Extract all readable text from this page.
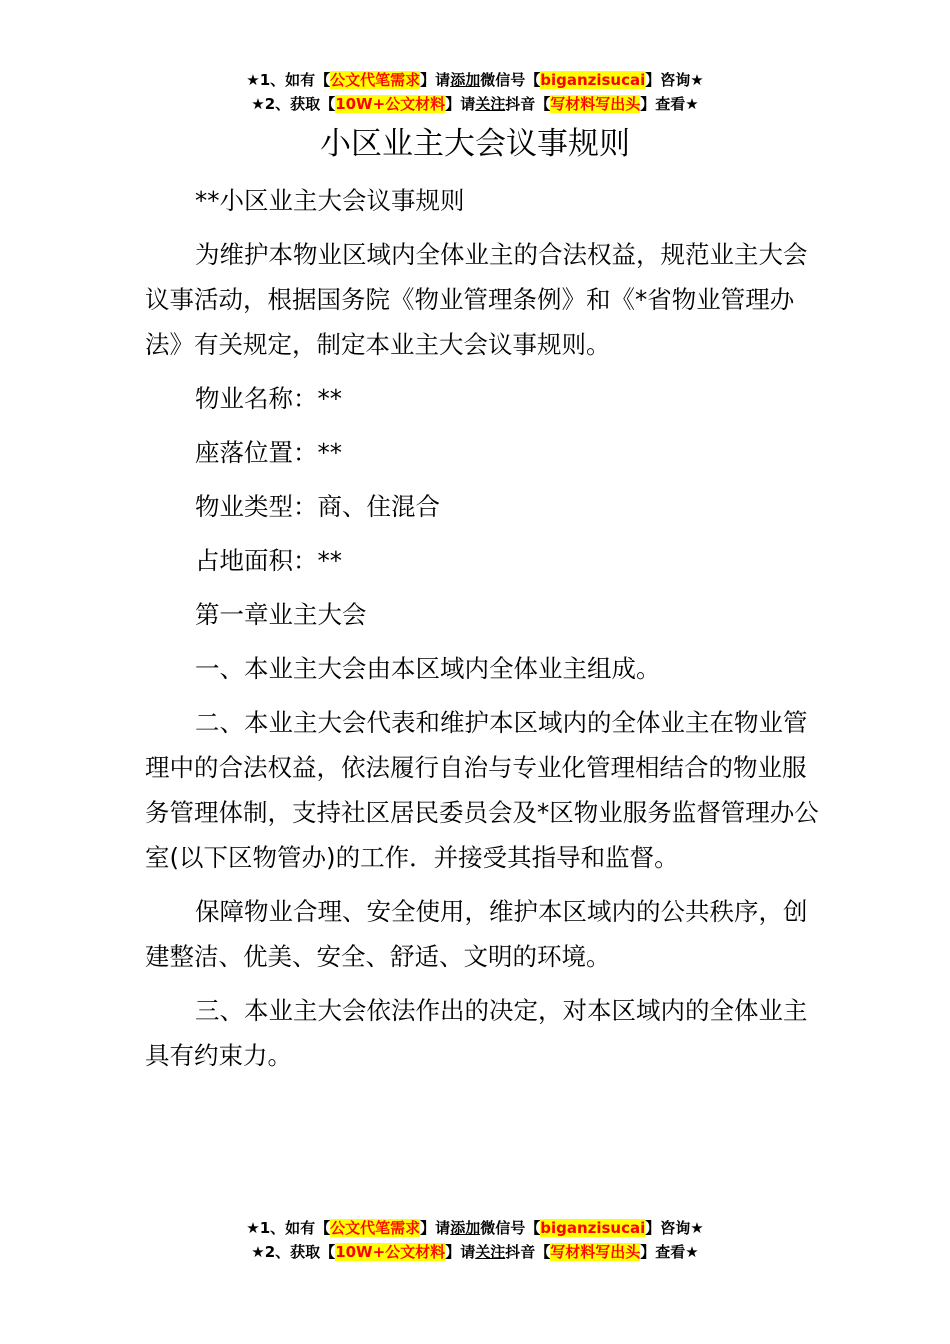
★1、如有【公文代笔需求】请添加微信号【biganzisucai】咨询★
★2、获取【10W+公文材料】请关注抖音【写材料写出头】查看★
小区业主大会议事规则

**小区业主大会议事规则

为维护本物业区域内全体业主的合法权益，规范业主大会议事活动，根据国务院《物业管理条例》和《*省物业管理办法》有关规定，制定本业主大会议事规则。

物业名称：**

座落位置：**

物业类型：商、住混合

占地面积：**

第一章业主大会

一、本业主大会由本区域内全体业主组成。

二、本业主大会代表和维护本区域内的全体业主在物业管理中的合法权益，依法履行自治与专业化管理相结合的物业服务管理体制，支持社区居民委员会及*区物业服务监督管理办公室(以下区物管办)的工作．并接受其指导和监督。

保障物业合理、安全使用，维护本区域内的公共秩序，创建整洁、优美、安全、舒适、文明的环境。

三、本业主大会依法作出的决定，对本区域内的全体业主具有约束力。

★1、如有【公文代笔需求】请添加微信号【biganzisucai】咨询★
★2、获取【10W+公文材料】请关注抖音【写材料写出头】查看★
